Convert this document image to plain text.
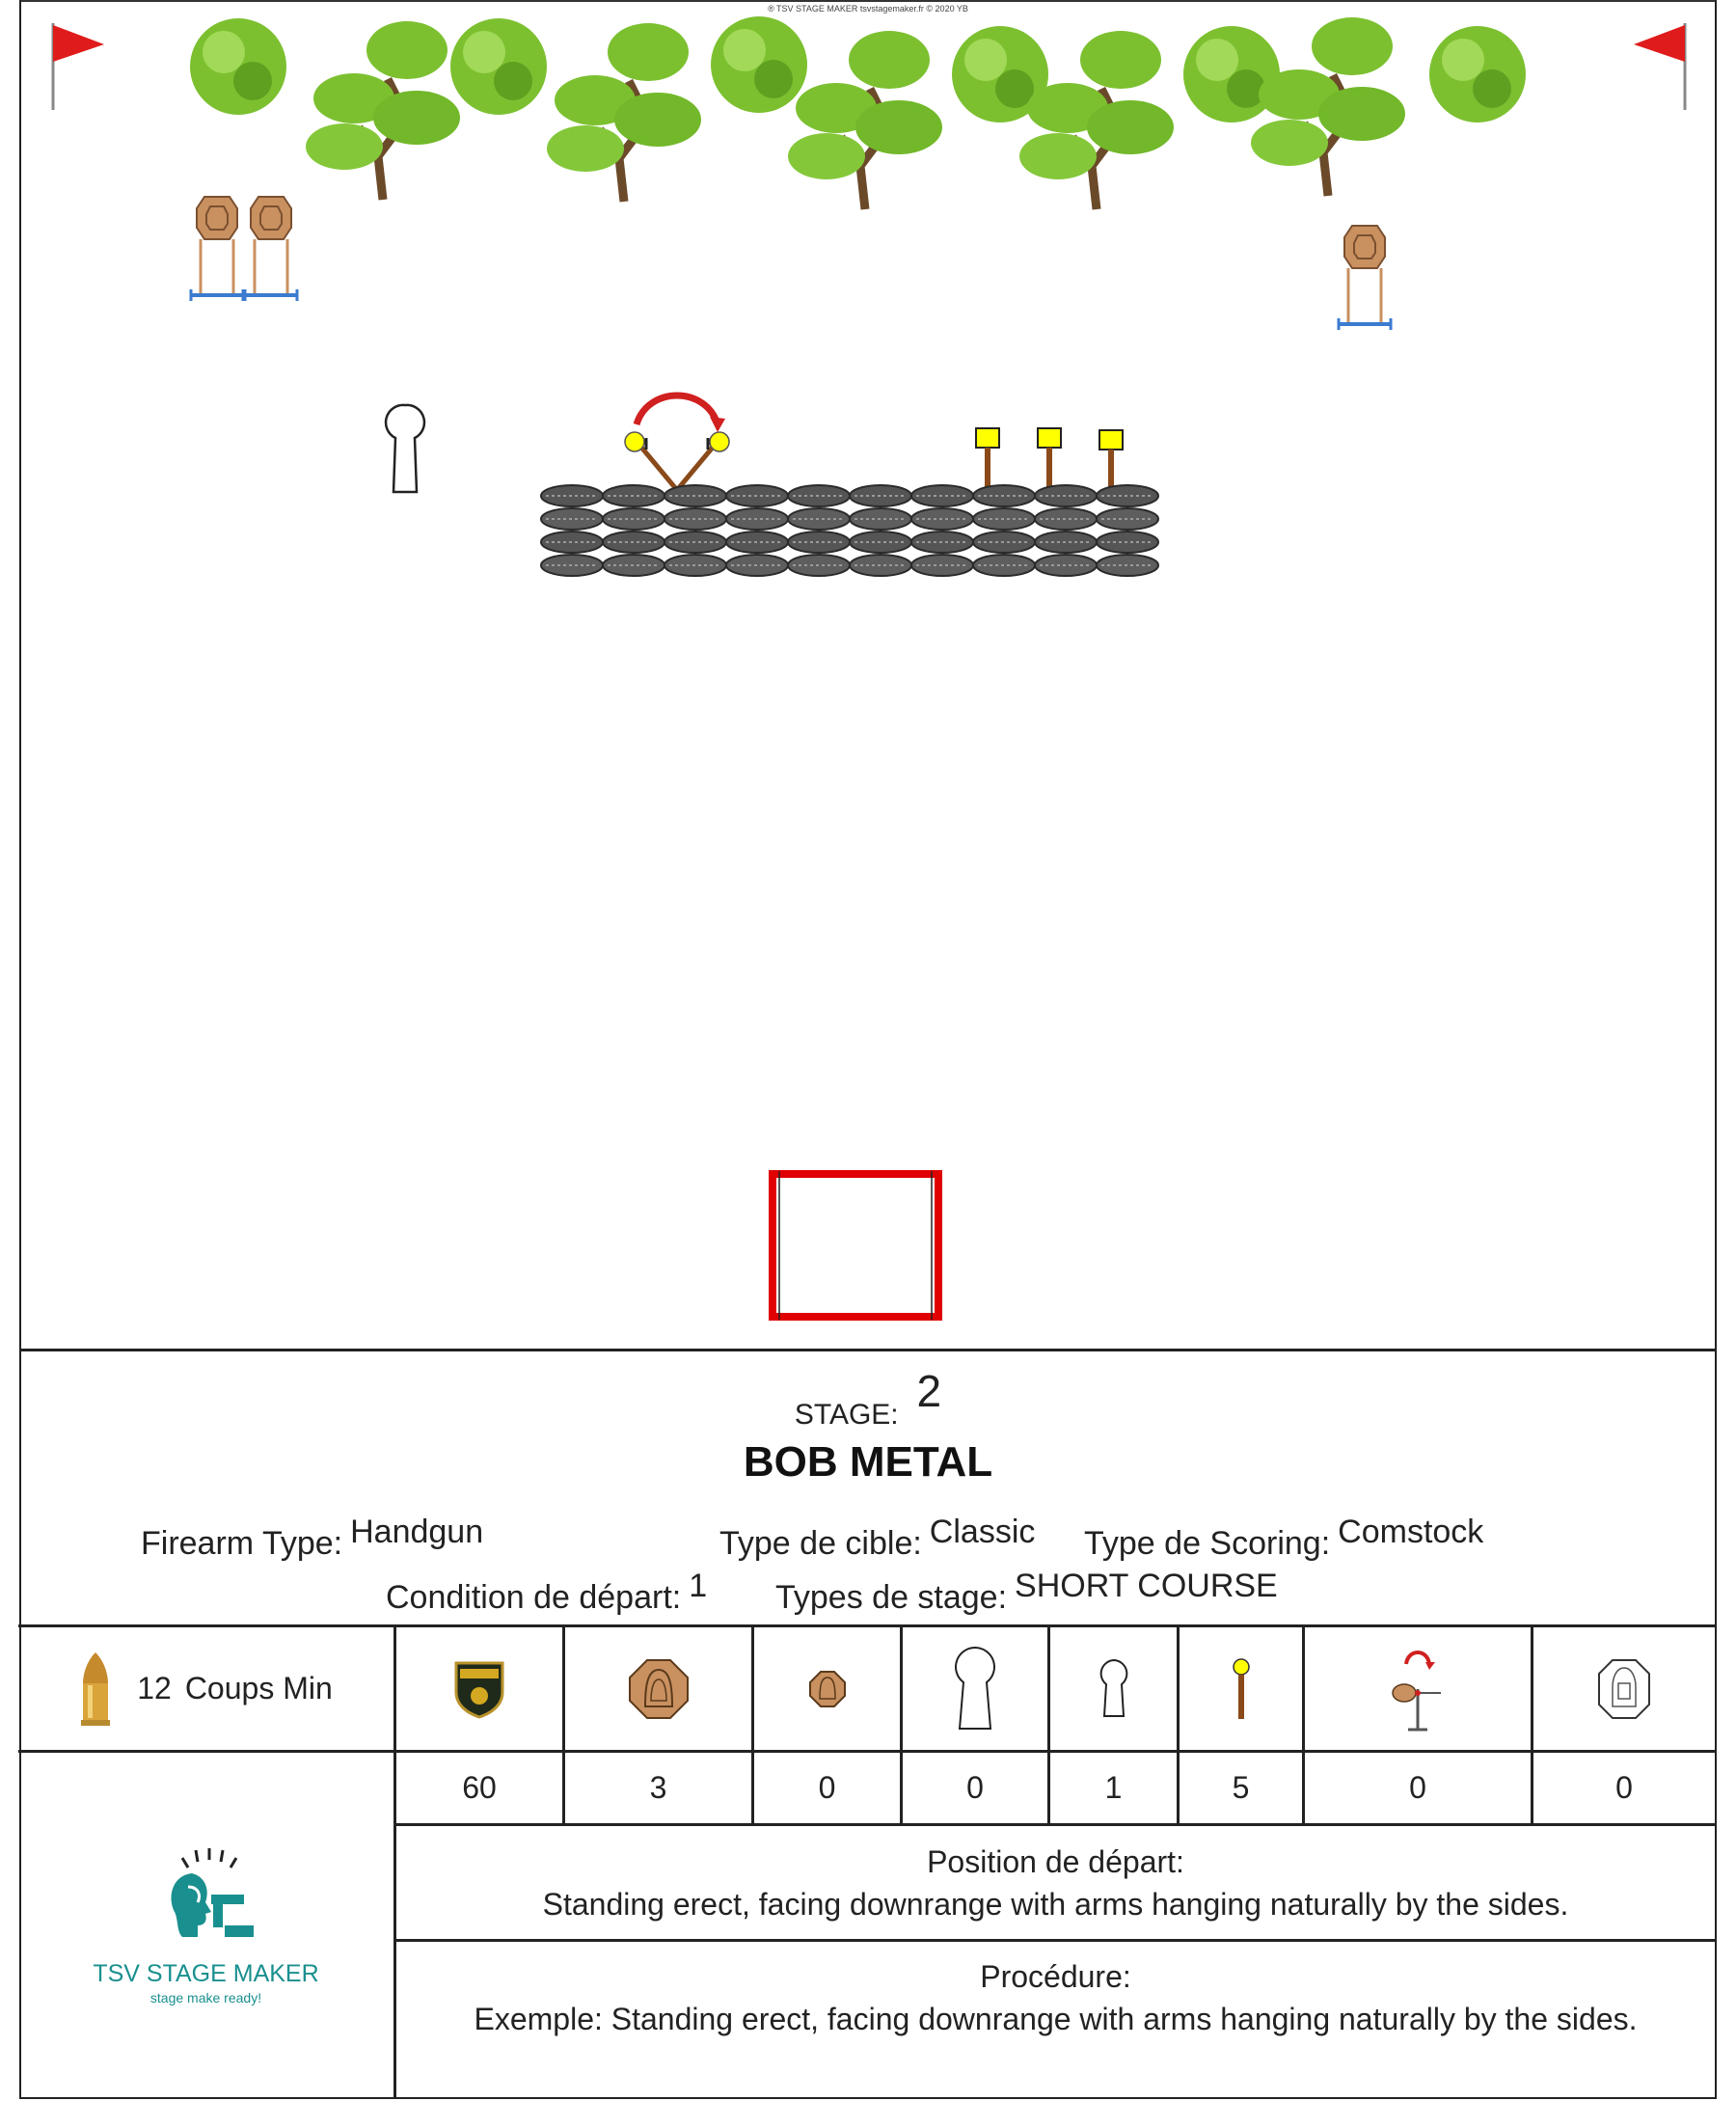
® TSV STAGE MAKER tsvstagemaker.fr © 2020 YB
STAGE: 2
BOB METAL
Firearm Type: Handgun	Type de cible: Classic Type de Scoring: Comstock
Condition de départ: 1 Types de stage: SHORT COURSE
12 Coups Min
60	3	0	0	1	5	0	0
TSV STAGE MAKER
stage make ready!
Position de départ:
Standing erect, facing downrange with arms hanging naturally by the sides.
Procédure:
Exemple: Standing erect, facing downrange with arms hanging naturally by the sides.
